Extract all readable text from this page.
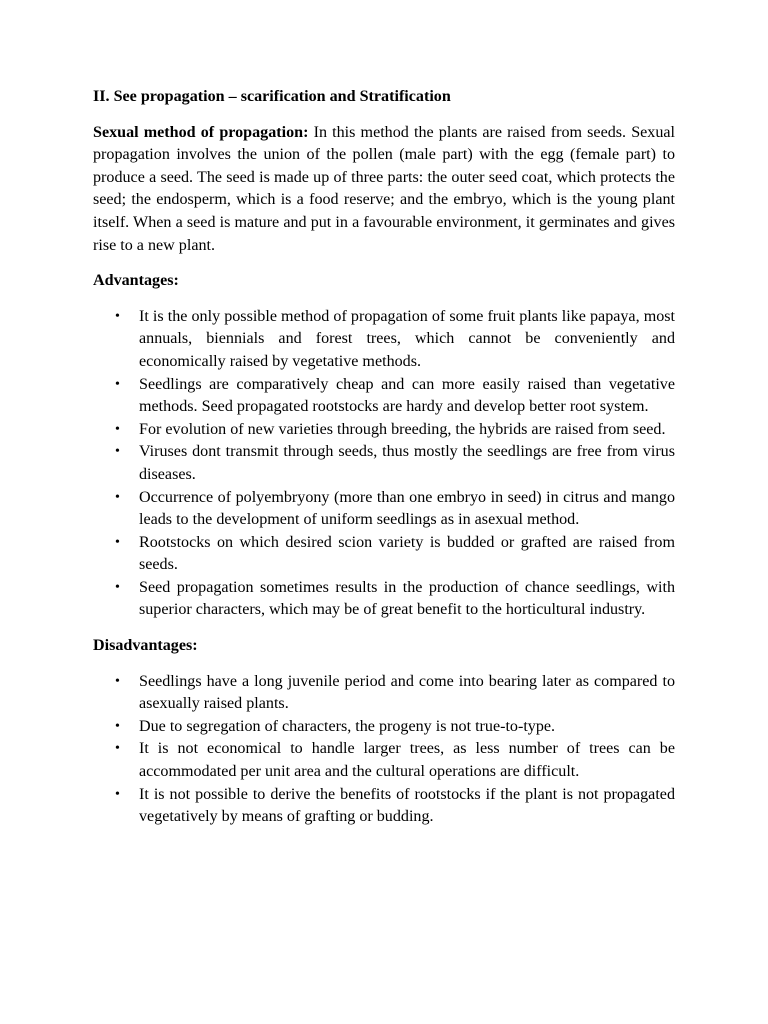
II. See propagation – scarification and Stratification
Sexual method of propagation: In this method the plants are raised from seeds. Sexual propagation involves the union of the pollen (male part) with the egg (female part) to produce a seed. The seed is made up of three parts: the outer seed coat, which protects the seed; the endosperm, which is a food reserve; and the embryo, which is the young plant itself. When a seed is mature and put in a favourable environment, it germinates and gives rise to a new plant.
Advantages:
• It is the only possible method of propagation of some fruit plants like papaya, most annuals, biennials and forest trees, which cannot be conveniently and economically raised by vegetative methods.
• Seedlings are comparatively cheap and can more easily raised than vegetative methods. Seed propagated rootstocks are hardy and develop better root system.
• For evolution of new varieties through breeding, the hybrids are raised from seed.
• Viruses dont transmit through seeds, thus mostly the seedlings are free from virus diseases.
• Occurrence of polyembryony (more than one embryo in seed) in citrus and mango leads to the development of uniform seedlings as in asexual method.
• Rootstocks on which desired scion variety is budded or grafted are raised from seeds.
• Seed propagation sometimes results in the production of chance seedlings, with superior characters, which may be of great benefit to the horticultural industry.
Disadvantages:
• Seedlings have a long juvenile period and come into bearing later as compared to asexually raised plants.
• Due to segregation of characters, the progeny is not true-to-type.
• It is not economical to handle larger trees, as less number of trees can be accommodated per unit area and the cultural operations are difficult.
• It is not possible to derive the benefits of rootstocks if the plant is not propagated vegetatively by means of grafting or budding.
